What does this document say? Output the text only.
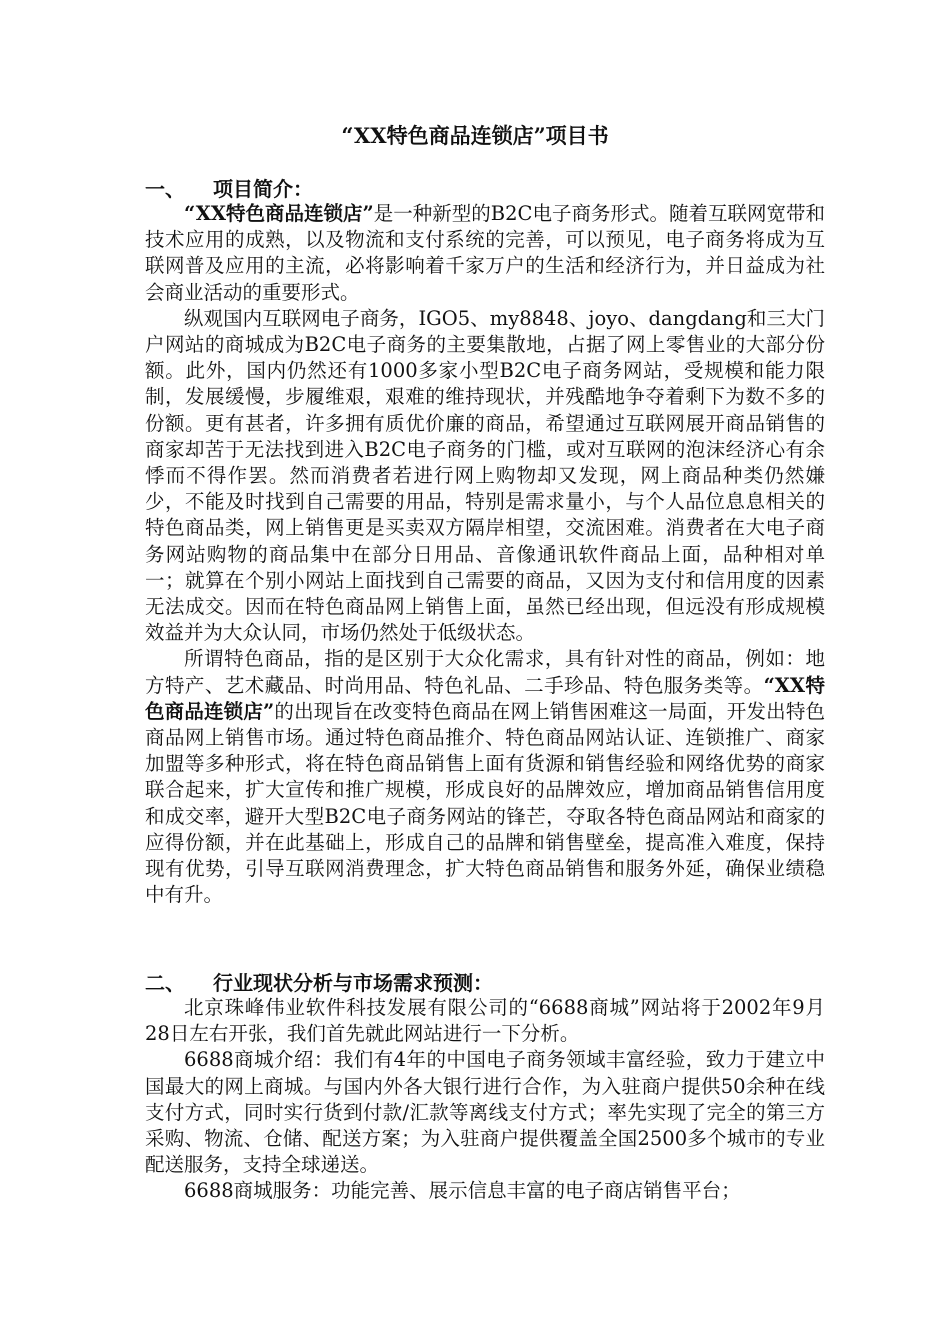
“XX特色商品连锁店”项目书
一、 项目简介：

“XX特色商品连锁店”是一种新型的B2C电子商务形式。随着互联网宽带和技术应用的成熟，以及物流和支付系统的完善，可以预见，电子商务将成为互联网普及应用的主流，必将影响着千家万户的生活和经济行为，并日益成为社会商业活动的重要形式。

纵观国内互联网电子商务，IGO5、my8848、joyo、dangdang和三大门户网站的商城成为B2C电子商务的主要集散地，占据了网上零售业的大部分份额。此外，国内仍然还有1000多家小型B2C电子商务网站，受规模和能力限制，发展缓慢，步履维艰，艰难的维持现状，并残酷地争夺着剩下为数不多的份额。更有甚者，许多拥有质优价廉的商品，希望通过互联网展开商品销售的商家却苦于无法找到进入B2C电子商务的门槛，或对互联网的泡沫经济心有余悸而不得作罢。然而消费者若进行网上购物却又发现，网上商品种类仍然嫌少，不能及时找到自己需要的用品，特别是需求量小，与个人品位息息相关的特色商品类，网上销售更是买卖双方隔岸相望，交流困难。消费者在大电子商务网站购物的商品集中在部分日用品、音像通讯软件商品上面，品种相对单一；就算在个别小网站上面找到自己需要的商品，又因为支付和信用度的因素无法成交。因而在特色商品网上销售上面，虽然已经出现，但远没有形成规模效益并为大众认同，市场仍然处于低级状态。

所谓特色商品，指的是区别于大众化需求，具有针对性的商品，例如：地方特产、艺术藏品、时尚用品、特色礼品、二手珍品、特色服务类等。“XX特色商品连锁店”的出现旨在改变特色商品在网上销售困难这一局面，开发出特色商品网上销售市场。通过特色商品推介、特色商品网站认证、连锁推广、商家加盟等多种形式，将在特色商品销售上面有货源和销售经验和网络优势的商家联合起来，扩大宣传和推广规模，形成良好的品牌效应，增加商品销售信用度和成交率，避开大型B2C电子商务网站的锋芒，夺取各特色商品网站和商家的应得份额，并在此基础上，形成自己的品牌和销售壁垒，提高准入难度，保持现有优势，引导互联网消费理念，扩大特色商品销售和服务外延，确保业绩稳中有升。

二、 行业现状分析与市场需求预测：

北京珠峰伟业软件科技发展有限公司的“6688商城”网站将于2002年9月28日左右开张，我们首先就此网站进行一下分析。

6688商城介绍：我们有4年的中国电子商务领域丰富经验，致力于建立中国最大的网上商城。与国内外各大银行进行合作，为入驻商户提供50余种在线支付方式，同时实行货到付款/汇款等离线支付方式；率先实现了完全的第三方采购、物流、仓储、配送方案；为入驻商户提供覆盖全国2500多个城市的专业配送服务，支持全球递送。

6688商城服务：功能完善、展示信息丰富的电子商店销售平台；
